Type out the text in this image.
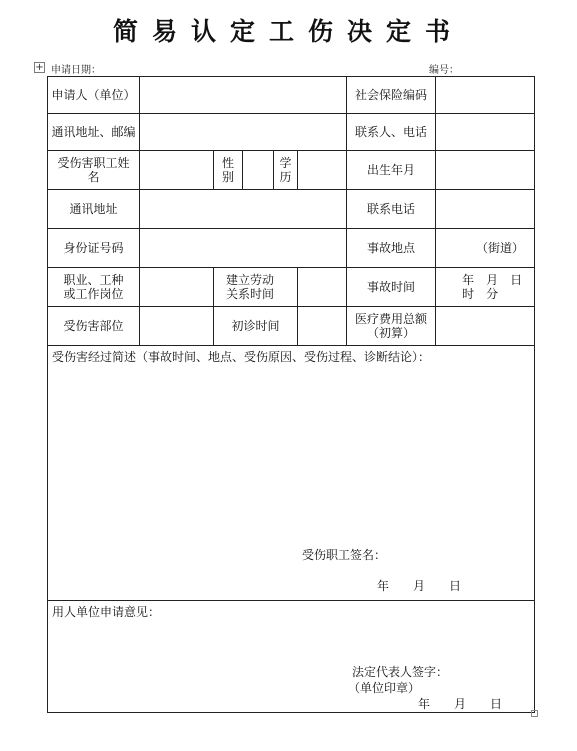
简易认定工伤决定书
+ 申请日期：	编号：
申请人（单位）						社会保险编码	
通讯地址、邮编						联系人、电话	
受伤害职工姓名		性别		学历		出生年月	
通讯地址						联系电话	
身份证号码						事故地点	（街道）
职业、工种或工作岗位		建立劳动关系时间				事故时间	年　月　日
时　分

受伤害部位		初诊时间				医疗费用总额
（初算）	

受伤害经过简述（事故时间、地点、受伤原因、受伤过程、诊断结论）：
受伤职工签名：
年　　月　　日							

用人单位申请意见：
法定代表人签字：
（单位印章）
年　　月　　日							
